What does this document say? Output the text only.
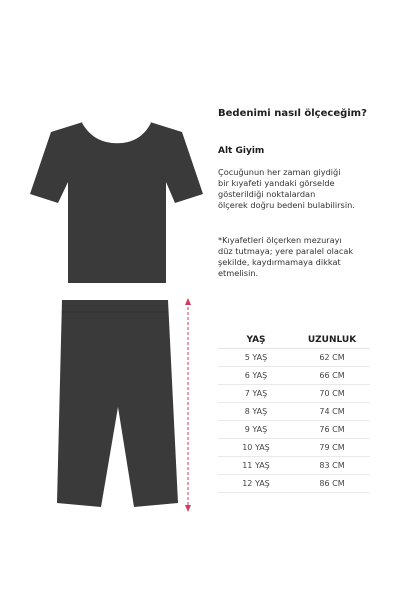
Bedenimi nasıl ölçeceğim?
Alt Giyim
Çocuğunun her zaman giydiği
bir kıyafeti yandaki görselde
gösterildiği noktalardan
ölçerek doğru bedeni bulabilirsin.
*Kıyafetleri ölçerken mezurayı
düz tutmaya; yere paralel olacak
şekilde, kaydırmamaya dikkat
etmelisin.
YAŞ	UZUNLUK
5 YAŞ	62 CM
6 YAŞ	66 CM
7 YAŞ	70 CM
8 YAŞ	74 CM
9 YAŞ	76 CM
10 YAŞ	79 CM
11 YAŞ	83 CM
12 YAŞ	86 CM
